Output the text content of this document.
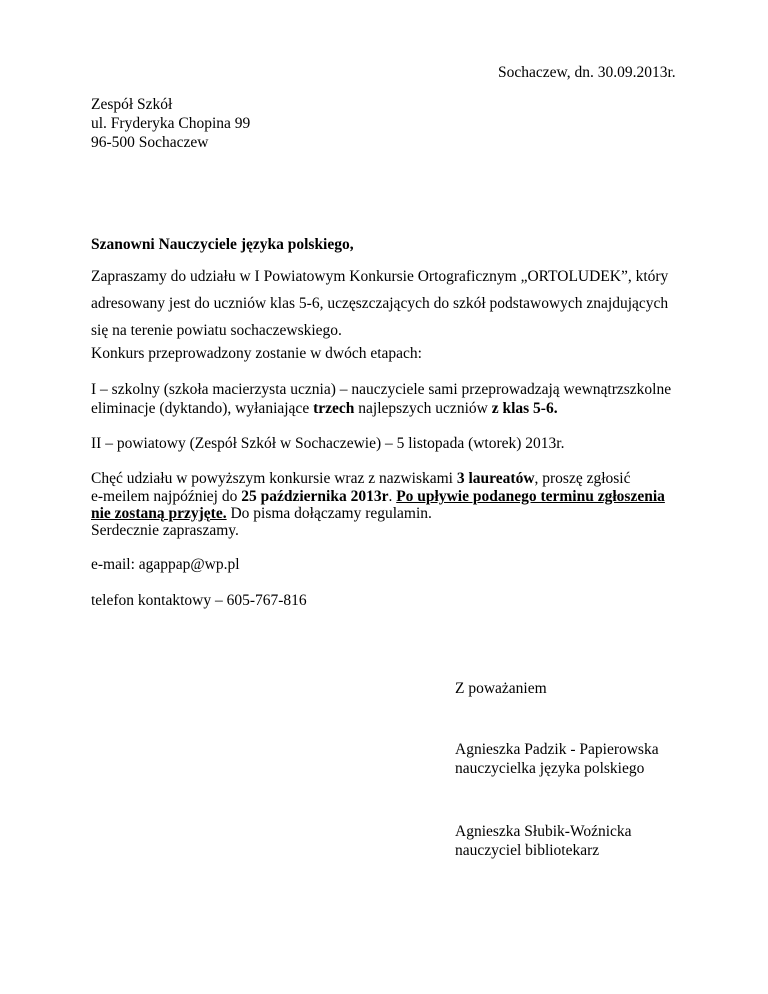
Sochaczew, dn. 30.09.2013r.
Zespół Szkół
ul. Fryderyka Chopina 99
96-500 Sochaczew
Szanowni Nauczyciele języka polskiego,
Zapraszamy do udziału w I Powiatowym Konkursie Ortograficznym „ORTOLUDEK”, który
adresowany jest do uczniów klas 5-6, uczęszczających do szkół podstawowych znajdujących
się na terenie powiatu sochaczewskiego.
Konkurs przeprowadzony zostanie w dwóch etapach:
I – szkolny (szkoła macierzysta ucznia) – nauczyciele sami przeprowadzają wewnątrzszkolne
eliminacje (dyktando), wyłaniające trzech najlepszych uczniów z klas 5-6.
II – powiatowy (Zespół Szkół w Sochaczewie) – 5 listopada (wtorek) 2013r.
Chęć udziału w powyższym konkursie wraz z nazwiskami 3 laureatów, proszę zgłosić
e-meilem najpóźniej do 25 października 2013r. Po upływie podanego terminu zgłoszenia
nie zostaną przyjęte. Do pisma dołączamy regulamin.
Serdecznie zapraszamy.
e-mail: agappap@wp.pl
telefon kontaktowy – 605-767-816
Z poważaniem
Agnieszka Padzik - Papierowska
nauczycielka języka polskiego
Agnieszka Słubik-Woźnicka
nauczyciel bibliotekarz
